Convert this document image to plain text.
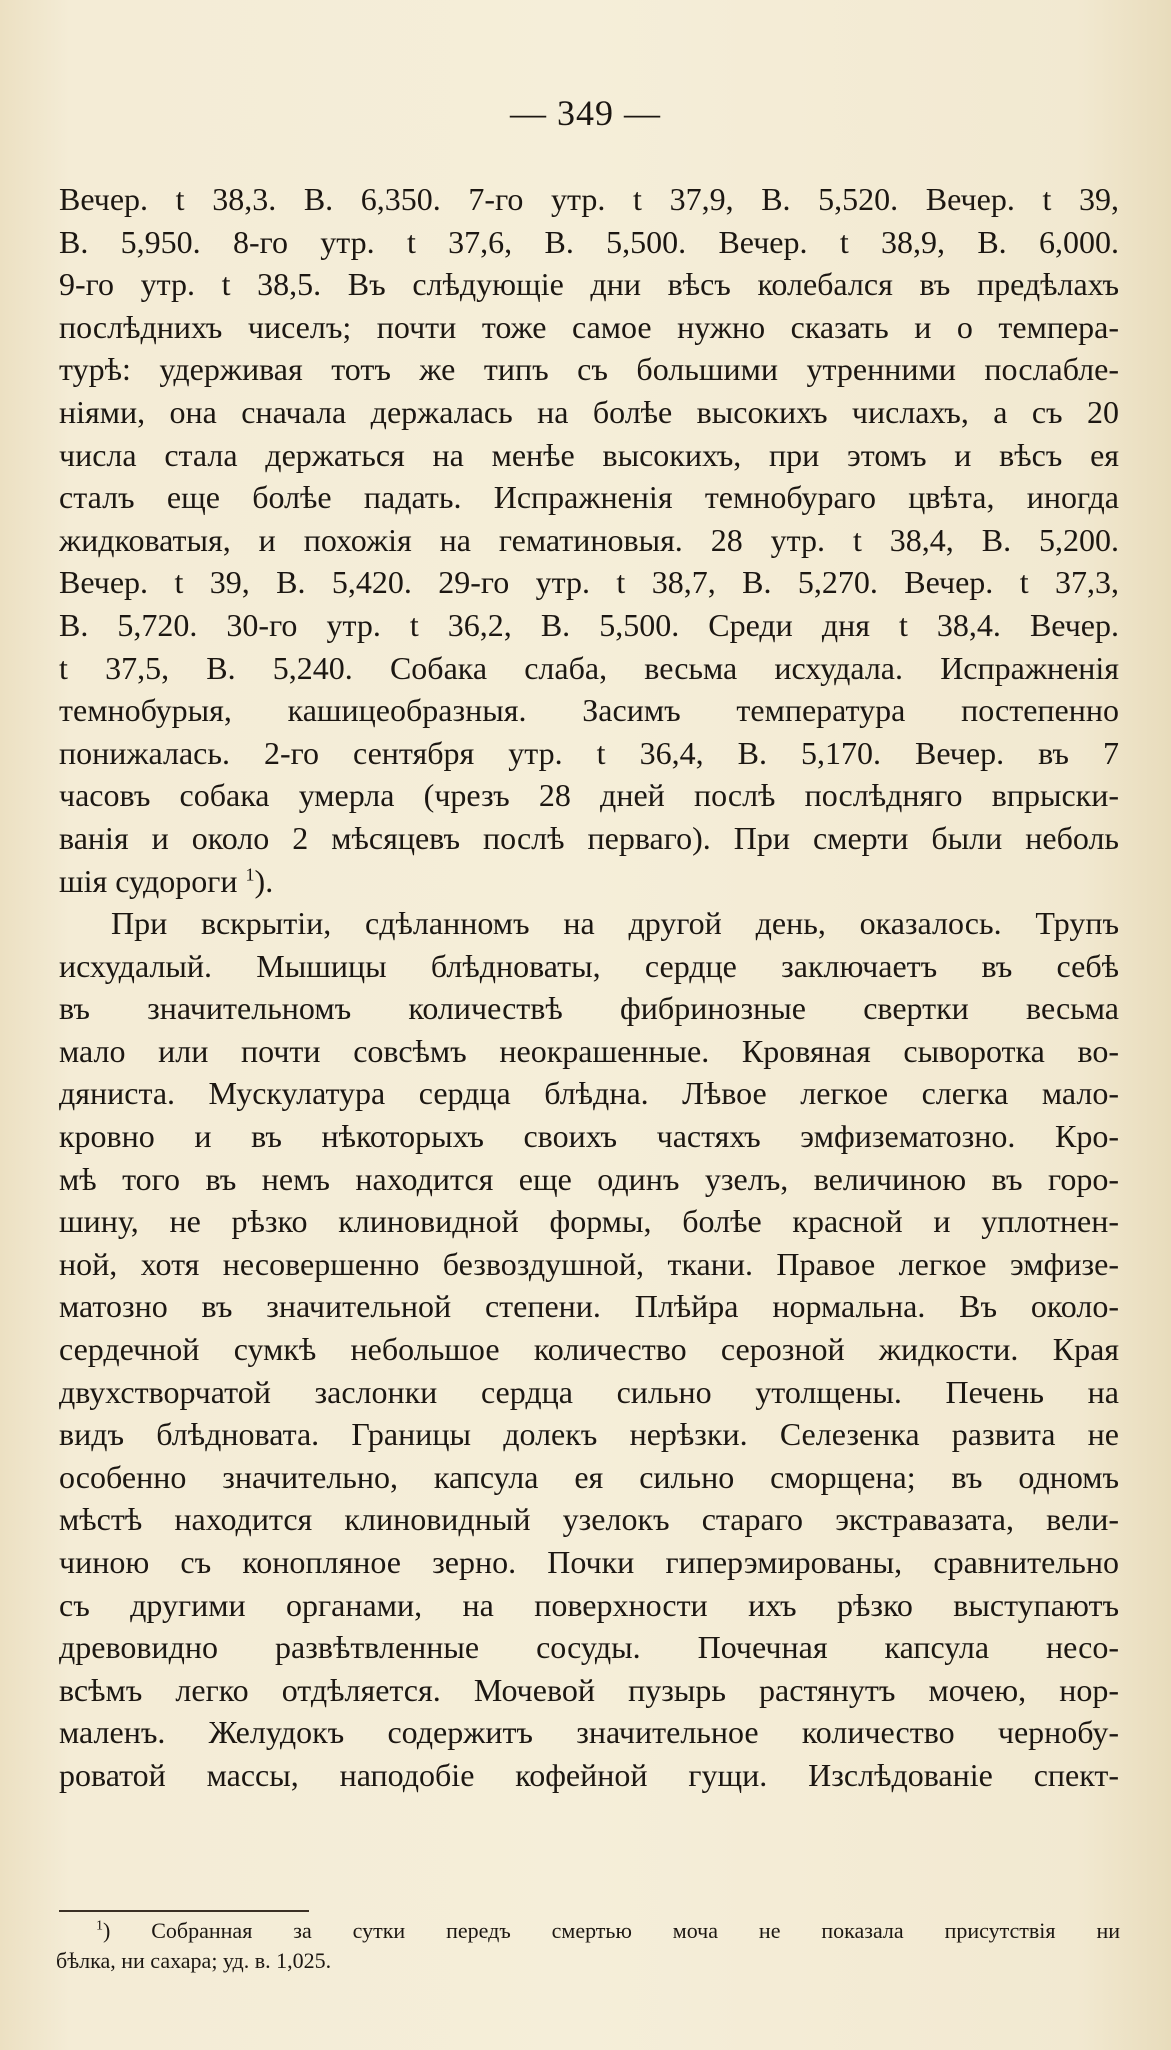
— 349 —
Вечер. t 38,3. В. 6,350. 7-го утр. t 37,9, В. 5,520. Вечер. t 39,
В. 5,950. 8-го утр. t 37,6, В. 5,500. Вечер. t 38,9, В. 6,000.
9-го утр. t 38,5. Въ слѣдующіе дни вѣсъ колебался въ предѣлахъ
послѣднихъ чиселъ; почти тоже самое нужно сказать и о темпера-
турѣ: удерживая тотъ же типъ съ большими утренними послабле-
ніями, она сначала держалась на болѣе высокихъ числахъ, а съ 20
числа стала держаться на менѣе высокихъ, при этомъ и вѣсъ ея
сталъ еще болѣе падать. Испражненія темнобураго цвѣта, иногда
жидковатыя, и похожія на гематиновыя. 28 утр. t 38,4, В. 5,200.
Вечер. t 39, В. 5,420. 29-го утр. t 38,7, В. 5,270. Вечер. t 37,3,
В. 5,720. 30-го утр. t 36,2, В. 5,500. Среди дня t 38,4. Вечер.
t 37,5, В. 5,240. Собака слаба, весьма исхудала. Испражненія
темнобурыя, кашицеобразныя. Засимъ температура постепенно
понижалась. 2-го сентября утр. t 36,4, В. 5,170. Вечер. въ 7
часовъ собака умерла (чрезъ 28 дней послѣ послѣдняго впрыски-
ванія и около 2 мѣсяцевъ послѣ перваго). При смерти были неболь
шія судороги $^1$).
При вскрытіи, сдѣланномъ на другой день, оказалось. Трупъ
исхудалый. Мышицы блѣдноваты, сердце заключаетъ въ себѣ
въ значительномъ количествѣ фибринозные свертки весьма
мало или почти совсѣмъ неокрашенные. Кровяная сыворотка во-
дяниста. Мускулатура сердца блѣдна. Лѣвое легкое слегка мало-
кровно и въ нѣкоторыхъ своихъ частяхъ эмфизематозно. Кро-
мѣ того въ немъ находится еще одинъ узелъ, величиною въ горо-
шину, не рѣзко клиновидной формы, болѣе красной и уплотнен-
ной, хотя несовершенно безвоздушной, ткани. Правое легкое эмфизе-
матозно въ значительной степени. Плѣйра нормальна. Въ около-
сердечной сумкѣ небольшое количество серозной жидкости. Края
двухстворчатой заслонки сердца сильно утолщены. Печень на
видъ блѣдновата. Границы долекъ нерѣзки. Селезенка развита не
особенно значительно, капсула ея сильно сморщена; въ одномъ
мѣстѣ находится клиновидный узелокъ стараго экстравазата, вели-
чиною съ конопляное зерно. Почки гиперэмированы, сравнительно
съ другими органами, на поверхности ихъ рѣзко выступаютъ
древовидно развѣтвленные сосуды. Почечная капсула несо-
всѣмъ легко отдѣляется. Мочевой пузырь растянутъ мочею, нор-
маленъ. Желудокъ содержитъ значительное количество чернобу-
роватой массы, наподобіе кофейной гущи. Изслѣдованіе спект-
$^1$) Собранная за сутки передъ смертью моча не показала присутствія ни
бѣлка, ни сахара; уд. в. 1,025.
